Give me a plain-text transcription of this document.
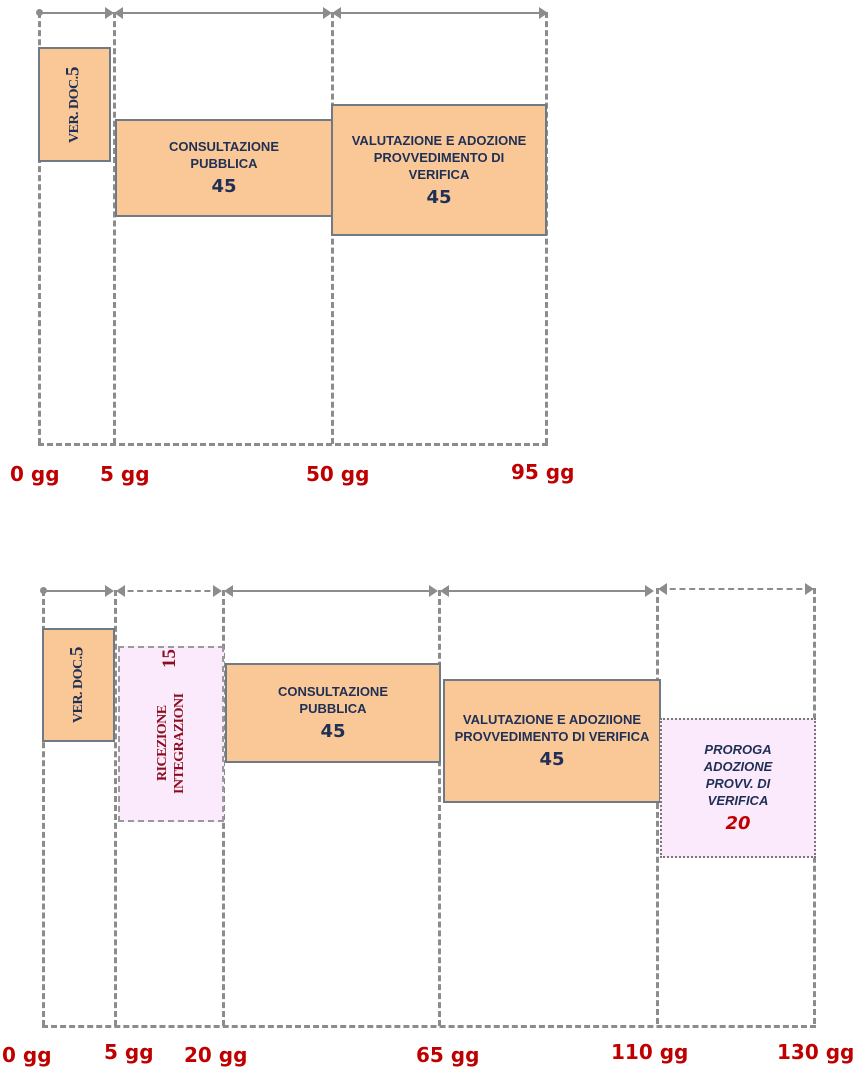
VER. DOC.
5
CONSULTAZIONE PUBBLICA
45
VALUTAZIONE E ADOZIONE PROVVEDIMENTO DI VERIFICA
45
0 gg 5 gg	50 gg	95 gg
VER. DOC.
5
RICEZIONE INTEGRAZIONI
15
CONSULTAZIONE PUBBLICA
45
VALUTAZIONE E ADOZIIONE PROVVEDIMENTO DI VERIFICA
45	PROROGA ADOZIONE PROVV. DI VERIFICA
20
0 gg	5 gg 20 gg	65 gg	110 gg	130 gg
